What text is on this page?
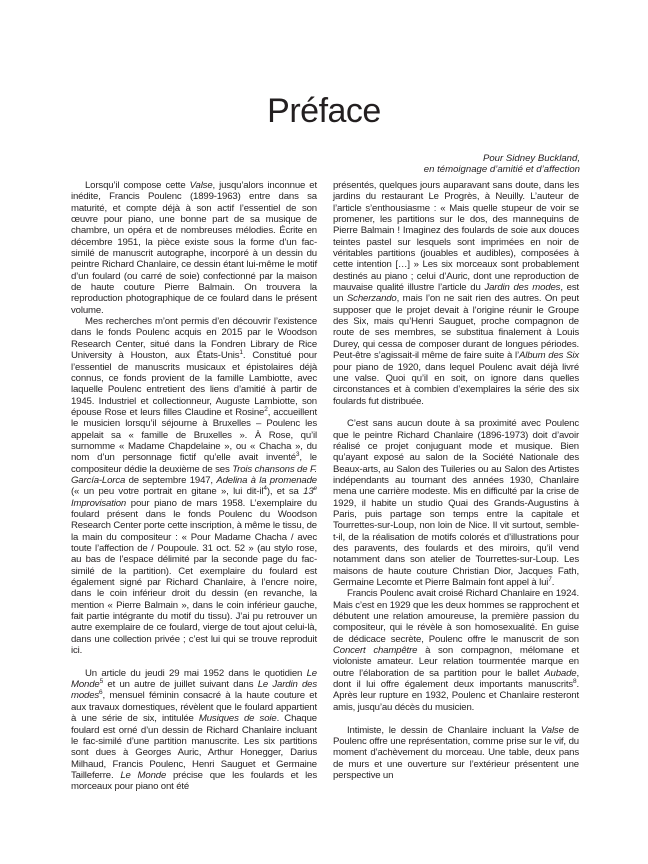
Préface
Pour Sidney Buckland,
en témoignage d’amitié et d’affection

Lorsqu’il compose cette Valse, jusqu’alors inconnue et inédite, Francis Poulenc (1899-1963) entre dans sa maturité, et compte déjà à son actif l’essentiel de son œuvre pour piano, une bonne part de sa musique de chambre, un opéra et de nombreuses mélodies. Écrite en décembre 1951, la pièce existe sous la forme d’un fac-similé de manuscrit autographe, incorporé à un dessin du peintre Richard Chanlaire, ce dessin étant lui-même le motif d’un foulard (ou carré de soie) confectionné par la maison de haute couture Pierre Balmain. On trouvera la reproduction photographique de ce foulard dans le présent volume.

Mes recherches m’ont permis d’en découvrir l’existence dans le fonds Poulenc acquis en 2015 par le Woodson Research Center, situé dans la Fondren Library de Rice University à Houston, aux États-Unis$^1$. Constitué pour l’essentiel de manuscrits musicaux et épistolaires déjà connus, ce fonds provient de la famille Lambiotte, avec laquelle Poulenc entretient des liens d’amitié à partir de 1945. Industriel et collectionneur, Auguste Lambiotte, son épouse Rose et leurs filles Claudine et Rosine$^2$, accueillent le musicien lorsqu’il séjourne à Bruxelles – Poulenc les appelait sa « famille de Bruxelles ». À Rose, qu’il surnomme « Madame Chapdelaine », ou « Chacha », du nom d’un personnage fictif qu’elle avait inventé$^3$, le compositeur dédie la deuxième de ses Trois chansons de F. García-Lorca de septembre 1947, Adelina à la promenade (« un peu votre portrait en gitane », lui dit-$il^4$), et sa 13e Improvisation pour piano de mars 1958. L’exemplaire du foulard présent dans le fonds Poulenc du Woodson Research Center porte cette inscription, à même le tissu, de la main du compositeur : « Pour Madame Chacha / avec toute l’affection de / Poupoule. 31 oct. 52 » (au stylo rose, au bas de l’espace délimité par la seconde page du fac-similé de la partition). Cet exemplaire du foulard est également signé par Richard Chanlaire, à l’encre noire, dans le coin inférieur droit du dessin (en revanche, la mention « Pierre Balmain », dans le coin inférieur gauche, fait partie intégrante du motif du tissu). J’ai pu retrouver un autre exemplaire de ce foulard, vierge de tout ajout celui-là, dans une collection privée ; c’est lui qui se trouve reproduit ici.

Un article du jeudi 29 mai 1952 dans le quotidien Le Monde$^5$ et un autre de juillet suivant dans Le Jardin des modes$^6$, mensuel féminin consacré à la haute couture et aux travaux domestiques, révèlent que le foulard appartient à une série de six, intitulée Musiques de soie. Chaque foulard est orné d’un dessin de Richard Chanlaire incluant le fac-similé d’une partition manuscrite. Les six partitions sont dues à Georges Auric, Arthur Honegger, Darius Milhaud, Francis Poulenc, Henri Sauguet et Germaine Tailleferre. Le Monde précise que les foulards et les morceaux pour piano ont été

présentés, quelques jours auparavant sans doute, dans les jardins du restaurant Le Progrès, à Neuilly. L’auteur de l’article s’enthousiasme : « Mais quelle stupeur de voir se promener, les partitions sur le dos, des mannequins de Pierre Balmain ! Imaginez des foulards de soie aux douces teintes pastel sur lesquels sont imprimées en noir de véritables partitions (jouables et audibles), composées à cette intention […] » Les six morceaux sont probablement destinés au piano ; celui d’Auric, dont une reproduction de mauvaise qualité illustre l’article du Jardin des modes, est un Scherzando, mais l’on ne sait rien des autres. On peut supposer que le projet devait à l’origine réunir le Groupe des Six, mais qu’Henri Sauguet, proche compagnon de route de ses membres, se substitua finalement à Louis Durey, qui cessa de composer durant de longues périodes. Peut-être s’agissait-il même de faire suite à l’Album des Six pour piano de 1920, dans lequel Poulenc avait déjà livré une valse. Quoi qu’il en soit, on ignore dans quelles circonstances et à combien d’exemplaires la série des six foulards fut distribuée.

C’est sans aucun doute à sa proximité avec Poulenc que le peintre Richard Chanlaire (1896-1973) doit d’avoir réalisé ce projet conjuguant mode et musique. Bien qu’ayant exposé au salon de la Société Nationale des Beaux-arts, au Salon des Tuileries ou au Salon des Artistes indépendants au tournant des années 1930, Chanlaire mena une carrière modeste. Mis en difficulté par la crise de 1929, il habite un studio Quai des Grands-Augustins à Paris, puis partage son temps entre la capitale et Tourrettes-sur-Loup, non loin de Nice. Il vit surtout, semble-t-il, de la réalisation de motifs colorés et d’illustrations pour des paravents, des foulards et des miroirs, qu’il vend notamment dans son atelier de Tourrettes-sur-Loup. Les maisons de haute couture Christian Dior, Jacques Fath, Germaine Lecomte et Pierre Balmain font appel à lui$^7$.

Francis Poulenc avait croisé Richard Chanlaire en 1924. Mais c’est en 1929 que les deux hommes se rapprochent et débutent une relation amoureuse, la première passion du compositeur, qui le révèle à son homosexualité. En guise de dédicace secrète, Poulenc offre le manuscrit de son Concert champêtre à son compagnon, mélomane et violoniste amateur. Leur relation tourmentée marque en outre l’élaboration de sa partition pour le ballet Aubade, dont il lui offre également deux importants manuscrits$^8$. Après leur rupture en 1932, Poulenc et Chanlaire resteront amis, jusqu’au décès du musicien.

Intimiste, le dessin de Chanlaire incluant la Valse de Poulenc offre une représentation, comme prise sur le vif, du moment d’achèvement du morceau. Une table, deux pans de murs et une ouverture sur l’extérieur présentent une perspective un
